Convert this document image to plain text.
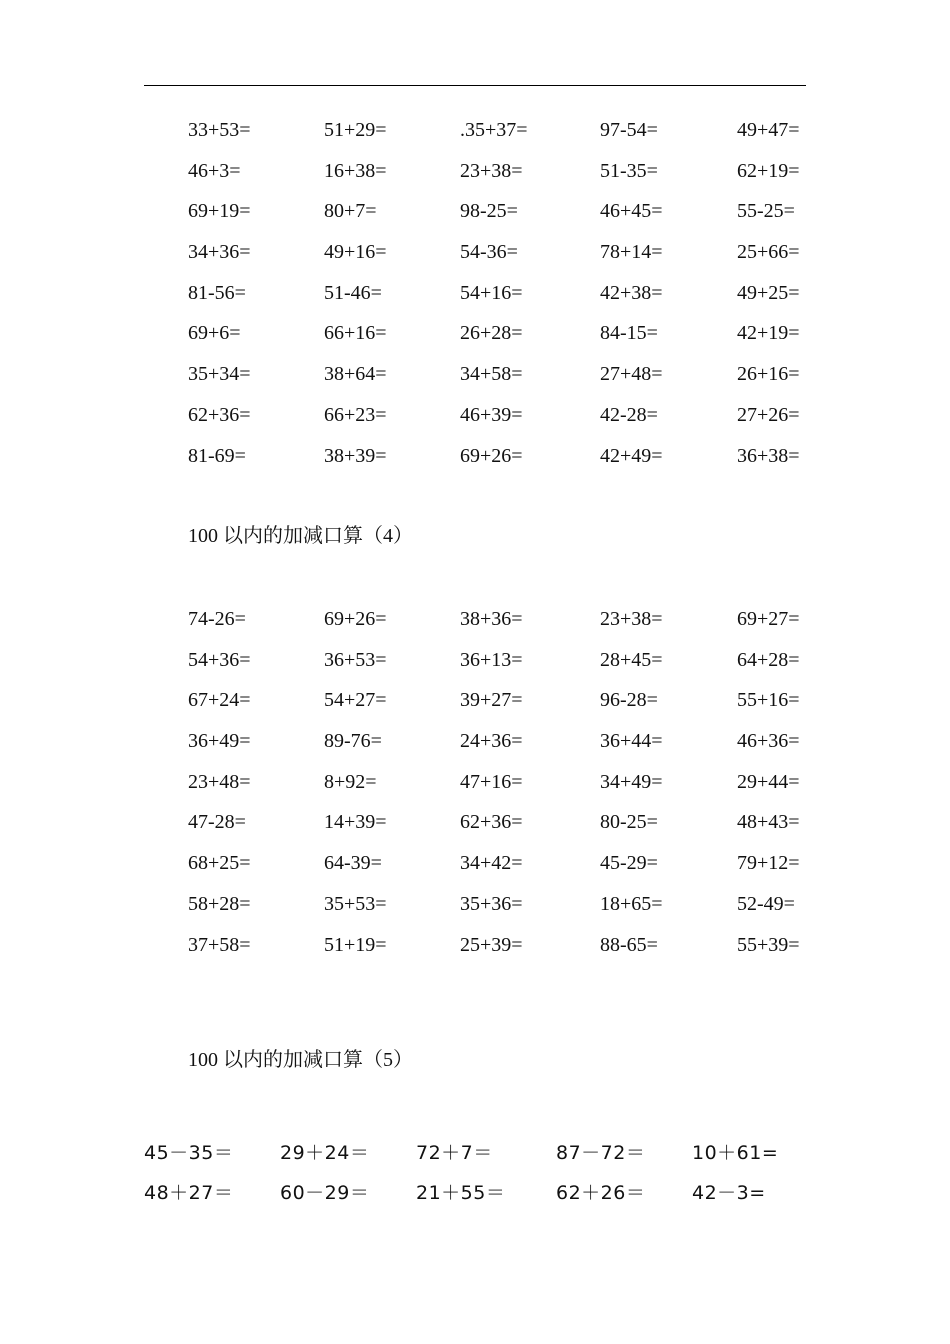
33+53=	51+29=	.35+37=	97-54=	49+47=
46+3=	16+38=	23+38=	51-35=	62+19=
69+19=	80+7=	98-25=	46+45=	55-25=
34+36=	49+16=	54-36=	78+14=	25+66=
81-56=	51-46=	54+16=	42+38=	49+25=
69+6=	66+16=	26+28=	84-15=	42+19=
35+34=	38+64=	34+58=	27+48=	26+16=
62+36=	66+23=	46+39=	42-28=	27+26=
81-69=	38+39=	69+26=	42+49=	36+38=
100 以内的加减口算（4）
74-26=	69+26=	38+36=	23+38=	69+27=
54+36=	36+53=	36+13=	28+45=	64+28=
67+24=	54+27=	39+27=	96-28=	55+16=
36+49=	89-76=	24+36=	36+44=	46+36=
23+48=	8+92=	47+16=	34+49=	29+44=
47-28=	14+39=	62+36=	80-25=	48+43=
68+25=	64-39=	34+42=	45-29=	79+12=
58+28=	35+53=	35+36=	18+65=	52-49=
37+58=	51+19=	25+39=	88-65=	55+39=
100 以内的加减口算（5）
45－35＝ 29＋24＝ 72＋7＝	87－72＝ 10＋61=
48＋27＝ 60－29＝ 21＋55＝	62＋26＝ 42－3=
